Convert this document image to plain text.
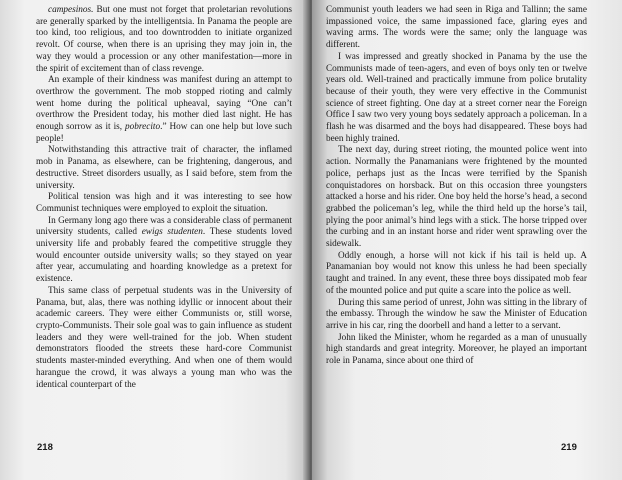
campesinos. But one must not forget that proletarian revolutions are generally sparked by the intelligentsia. In Panama the people are too kind, too religious, and too downtrodden to initiate organized revolt. Of course, when there is an uprising they may join in, the way they would a procession or any other manifestation—more in the spirit of excitement than of class revenge.

An example of their kindness was manifest during an attempt to overthrow the government. The mob stopped rioting and calmly went home during the political upheaval, saying “One can’t overthrow the President today, his mother died last night. He has enough sorrow as it is, pobrecito.” How can one help but love such people!

Notwithstanding this attractive trait of character, the inflamed mob in Panama, as elsewhere, can be frightening, dangerous, and destructive. Street disorders usually, as I said before, stem from the university.

Political tension was high and it was interesting to see how Communist techniques were employed to exploit the situation.

In Germany long ago there was a considerable class of permanent university students, called ewigs studenten. These students loved university life and probably feared the competitive struggle they would encounter outside university walls; so they stayed on year after year, accumulating and hoarding knowledge as a pretext for existence.

This same class of perpetual students was in the University of Panama, but, alas, there was nothing idyllic or innocent about their academic careers. They were either Communists or, still worse, crypto-Communists. Their sole goal was to gain influence as student leaders and they were well-trained for the job. When student demonstrators flooded the streets these hard-core Communist students master-minded everything. And when one of them would harangue the crowd, it was always a young man who was the identical counterpart of the

218

Communist youth leaders we had seen in Riga and Tallinn; the same impassioned voice, the same impassioned face, glaring eyes and waving arms. The words were the same; only the language was different.

I was impressed and greatly shocked in Panama by the use the Communists made of teen-agers, and even of boys only ten or twelve years old. Well-trained and practically immune from police brutality because of their youth, they were very effective in the Communist science of street fighting. One day at a street corner near the Foreign Office I saw two very young boys sedately approach a policeman. In a flash he was disarmed and the boys had disappeared. These boys had been highly trained.

The next day, during street rioting, the mounted police went into action. Normally the Panamanians were frightened by the mounted police, perhaps just as the Incas were terrified by the Spanish conquistadores on horsback. But on this occasion three youngsters attacked a horse and his rider. One boy held the horse’s head, a second grabbed the policeman’s leg, while the third held up the horse’s tail, plying the poor animal’s hind legs with a stick. The horse tripped over the curbing and in an instant horse and rider went sprawling over the sidewalk.

Oddly enough, a horse will not kick if his tail is held up. A Panamanian boy would not know this unless he had been specially taught and trained. In any event, these three boys dissipated mob fear of the mounted police and put quite a scare into the police as well.

During this same period of unrest, John was sitting in the library of the embassy. Through the window he saw the Minister of Education arrive in his car, ring the doorbell and hand a letter to a servant.

John liked the Minister, whom he regarded as a man of unusually high standards and great integrity. Moreover, he played an important role in Panama, since about one third of

219
